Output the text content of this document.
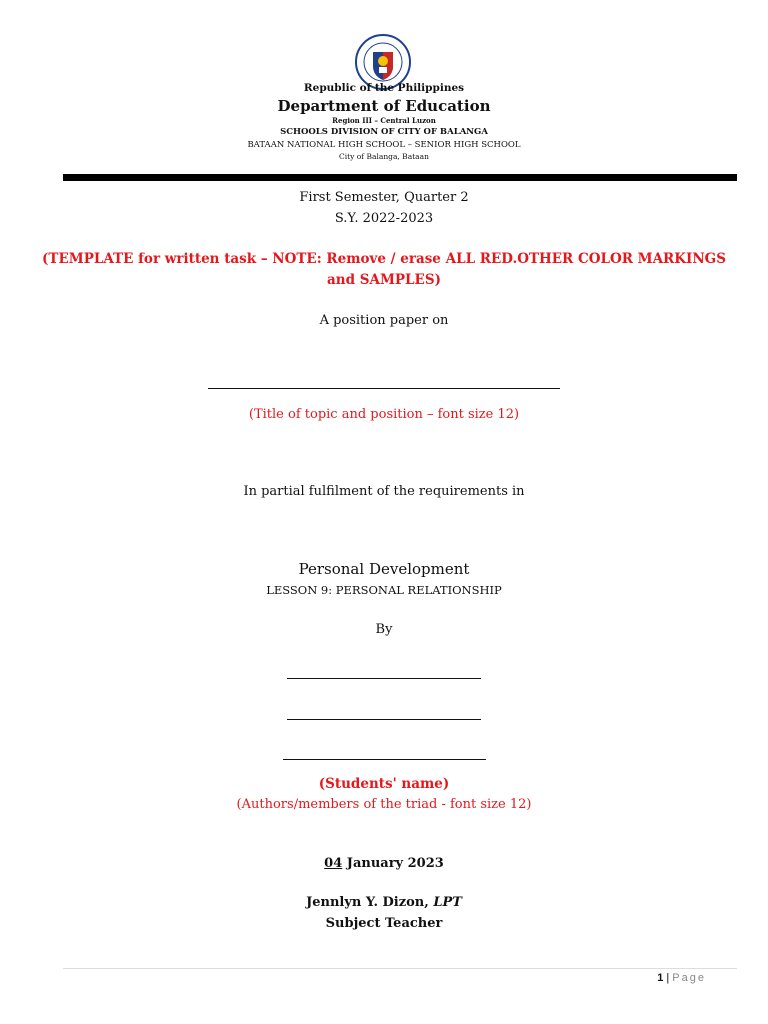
Republic of the Philippines
Department of Education
Region III – Central Luzon
SCHOOLS DIVISION OF CITY OF BALANGA
BATAAN NATIONAL HIGH SCHOOL – SENIOR HIGH SCHOOL
City of Balanga, Bataan
First Semester, Quarter 2
S.Y. 2022-2023
(TEMPLATE for written task – NOTE: Remove / erase ALL RED.OTHER COLOR MARKINGS and SAMPLES)
A position paper on
(Title of topic and position – font size 12)
In partial fulfilment of the requirements in
Personal Development
LESSON 9: PERSONAL RELATIONSHIP
By
(Students' name)
(Authors/members of the triad - font size 12)
04 January 2023
Jennlyn Y. Dizon, LPT
Subject Teacher
1 | Page
